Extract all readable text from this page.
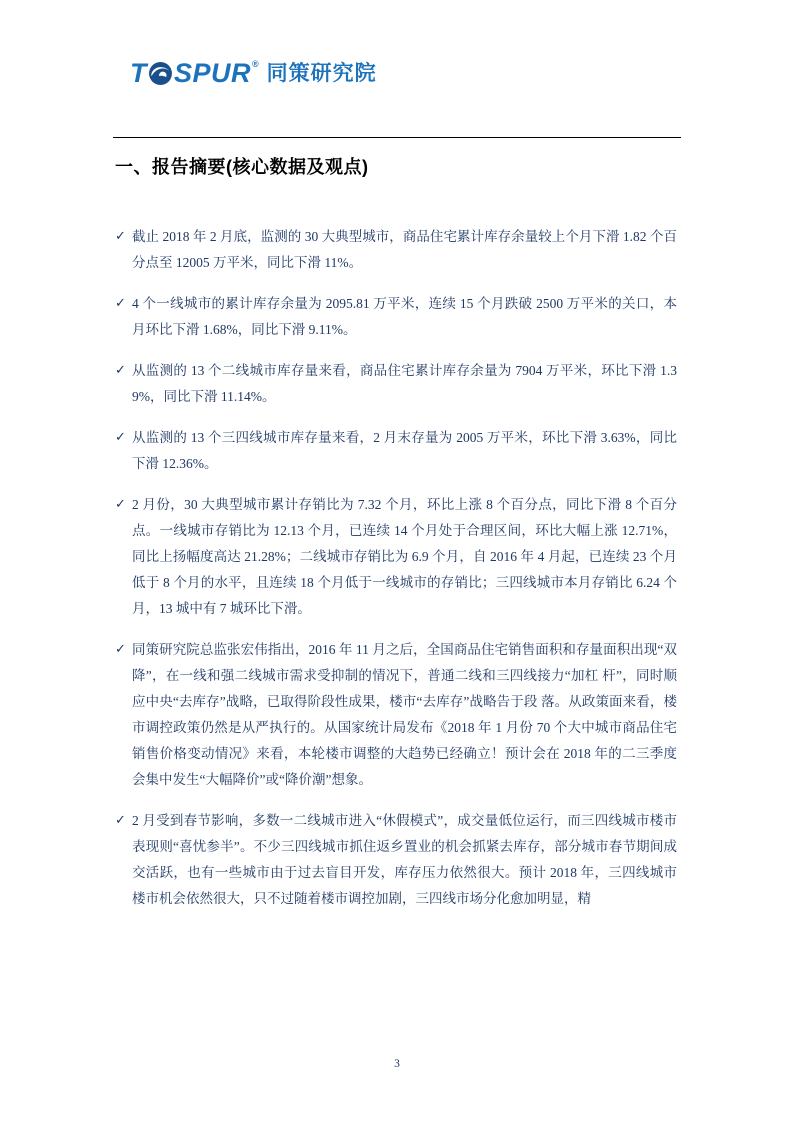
T SPUR ® 同策研究院
一、报告摘要(核心数据及观点)
✓ 截止 2018 年 2 月底，监测的 30 大典型城市，商品住宅累计库存余量较上个月下滑 1.82 个百分点至 12005 万平米，同比下滑 11%。

✓ 4 个一线城市的累计库存余量为 2095.81 万平米，连续 15 个月跌破 2500 万平米的关口，本月环比下滑 1.68%，同比下滑 9.11%。

✓ 从监测的 13 个二线城市库存量来看，商品住宅累计库存余量为 7904 万平米，环比下滑 1.39%，同比下滑 11.14%。

✓ 从监测的 13 个三四线城市库存量来看，2 月末存量为 2005 万平米，环比下滑 3.63%，同比下滑 12.36%。

✓ 2 月份，30 大典型城市累计存销比为 7.32 个月，环比上涨 8 个百分点，同比下滑 8 个百分点。一线城市存销比为 12.13 个月，已连续 14 个月处于合理区间，环比大幅上涨 12.71%，同比上扬幅度高达 21.28%；二线城市存销比为 6.9 个月，自 2016 年 4 月起，已连续 23 个月低于 8 个月的水平，且连续 18 个月低于一线城市的存销比；三四线城市本月存销比 6.24 个月，13 城中有 7 城环比下滑。

✓ 同策研究院总监张宏伟指出，2016 年 11 月之后，全国商品住宅销售面积和存量面积出现“双降”，在一线和强二线城市需求受抑制的情况下，普通二线和三四线接力“加杠 杆”，同时顺应中央“去库存”战略，已取得阶段性成果，楼市“去库存”战略告于段 落。从政策面来看，楼市调控政策仍然是从严执行的。从国家统计局发布《2018 年 1 月份 70 个大中城市商品住宅销售价格变动情况》来看，本轮楼市调整的大趋势已经确立！预计会在 2018 年的二三季度会集中发生“大幅降价”或“降价潮”想象。

✓ 2 月受到春节影响，多数一二线城市进入“休假模式”，成交量低位运行，而三四线城市楼市表现则“喜忧参半”。不少三四线城市抓住返乡置业的机会抓紧去库存，部分城市春节期间成交活跃，也有一些城市由于过去盲目开发，库存压力依然很大。预计 2018 年，三四线城市楼市机会依然很大，只不过随着楼市调控加剧，三四线市场分化愈加明显，精

3
